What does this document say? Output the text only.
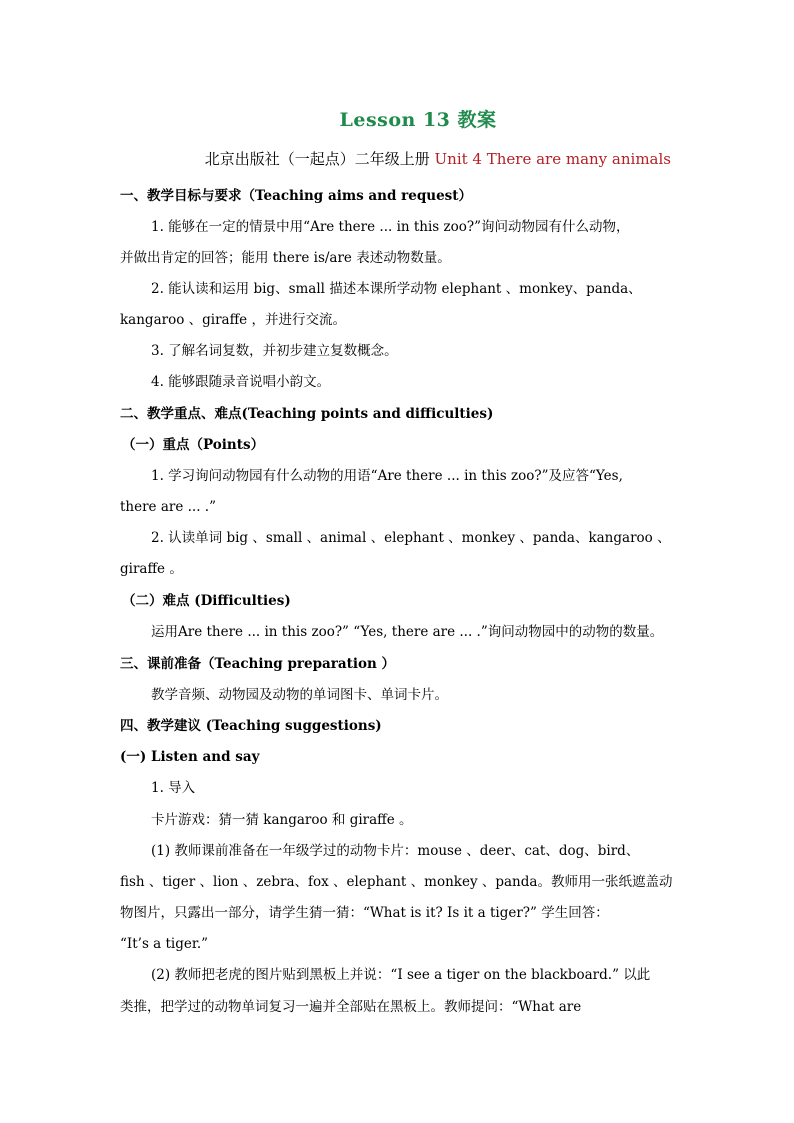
Lesson 13 教案
北京出版社（一起点）二年级上册 Unit 4 There are many animals
一、教学目标与要求（Teaching aims and request）
1. 能够在一定的情景中用“Are there ... in this zoo?”询问动物园有什么动物，
并做出肯定的回答；能用 there is/are 表述动物数量。
2. 能认读和运用 big、small 描述本课所学动物 elephant 、monkey、panda、
kangaroo 、giraffe ，并进行交流。
3. 了解名词复数，并初步建立复数概念。
4. 能够跟随录音说唱小韵文。
二、教学重点、难点(Teaching points and difficulties)
（一）重点（Points）
1. 学习询问动物园有什么动物的用语“Are there ... in this zoo?”及应答“Yes,
there are ... .”
2. 认读单词 big 、small 、animal 、elephant 、monkey 、panda、kangaroo 、
giraffe 。
（二）难点 (Difficulties)
运用Are there ... in this zoo?” “Yes, there are ... .”询问动物园中的动物的数量。
三、课前准备（Teaching preparation ）
教学音频、动物园及动物的单词图卡、单词卡片。
四、教学建议 (Teaching suggestions)
(一) Listen and say
1. 导入
卡片游戏：猜一猜 kangaroo 和 giraffe 。
(1) 教师课前准备在一年级学过的动物卡片：mouse 、deer、cat、dog、bird、
fish 、tiger 、lion 、zebra、fox 、elephant 、monkey 、panda。教师用一张纸遮盖动
物图片，只露出一部分，请学生猜一猜：“What is it? Is it a tiger?” 学生回答：
“It’s a tiger.”
(2) 教师把老虎的图片贴到黑板上并说：“I see a tiger on the blackboard.” 以此
类推，把学过的动物单词复习一遍并全部贴在黑板上。教师提问：“What are
